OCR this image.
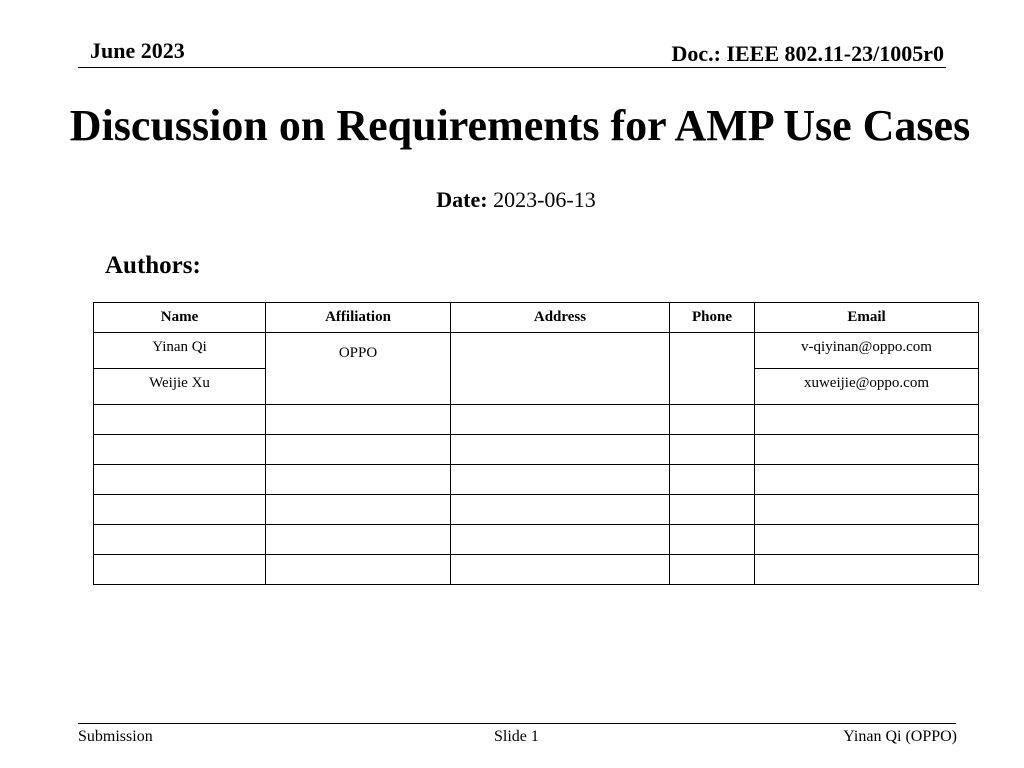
June 2023	Doc.: IEEE 802.11-23/1005r0
Discussion on Requirements for AMP Use Cases
Date: 2023-06-13
Authors:
Name	Affiliation	Address	Phone	Email
Yinan Qi	OPPO			v-qiyinan@oppo.com
Weijie Xu				xuweijie@oppo.com

Submission	Slide 1	Yinan Qi (OPPO)
